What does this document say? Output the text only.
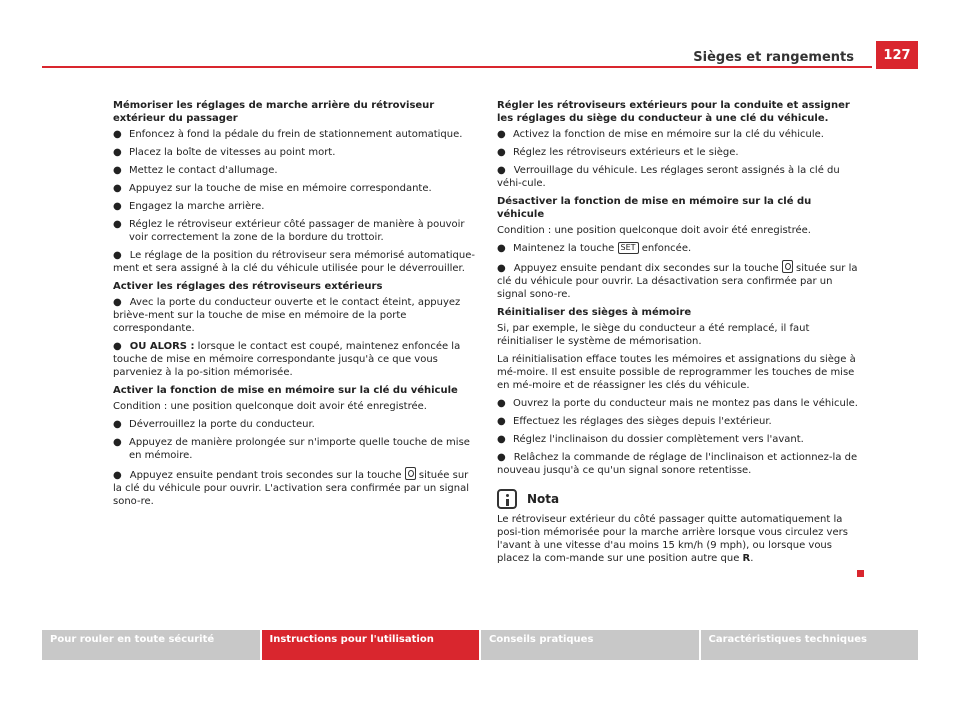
Sièges et rangements	127

Mémoriser les réglages de marche arrière du rétroviseur extérieur du passager

● Enfoncez à fond la pédale du frein de stationnement automatique.
● Placez la boîte de vitesses au point mort.
● Mettez le contact d'allumage.
● Appuyez sur la touche de mise en mémoire correspondante.
● Engagez la marche arrière.
● Réglez le rétroviseur extérieur côté passager de manière à pouvoir voir correctement la zone de la bordure du trottoir.
● Le réglage de la position du rétroviseur sera mémorisé automatique-ment et sera assigné à la clé du véhicule utilisée pour le déverrouiller.

Activer les réglages des rétroviseurs extérieurs

● Avec la porte du conducteur ouverte et le contact éteint, appuyez briève-ment sur la touche de mise en mémoire de la porte correspondante.
● OU ALORS : lorsque le contact est coupé, maintenez enfoncée la touche de mise en mémoire correspondante jusqu'à ce que vous parveniez à la po-sition mémorisée.

Activer la fonction de mise en mémoire sur la clé du véhicule

Condition : une position quelconque doit avoir été enregistrée.

● Déverrouillez la porte du conducteur.
● Appuyez de manière prolongée sur n'importe quelle touche de mise en mémoire.
● Appuyez ensuite pendant trois secondes sur la touche  située sur la clé du véhicule pour ouvrir. L'activation sera confirmée par un signal sono-re.

Régler les rétroviseurs extérieurs pour la conduite et assigner les réglages du siège du conducteur à une clé du véhicule.

● Activez la fonction de mise en mémoire sur la clé du véhicule.
● Réglez les rétroviseurs extérieurs et le siège.
● Verrouillage du véhicule. Les réglages seront assignés à la clé du véhi-cule.

Désactiver la fonction de mise en mémoire sur la clé du véhicule

Condition : une position quelconque doit avoir été enregistrée.

● Maintenez la touche SET enfoncée.
● Appuyez ensuite pendant dix secondes sur la touche  située sur la clé du véhicule pour ouvrir. La désactivation sera confirmée par un signal sono-re.

Réinitialiser des sièges à mémoire

Si, par exemple, le siège du conducteur a été remplacé, il faut réinitialiser le système de mémorisation.

La réinitialisation efface toutes les mémoires et assignations du siège à mé-moire. Il est ensuite possible de reprogrammer les touches de mise en mé-moire et de réassigner les clés du véhicule.

● Ouvrez la porte du conducteur mais ne montez pas dans le véhicule.
● Effectuez les réglages des sièges depuis l'extérieur.
● Réglez l'inclinaison du dossier complètement vers l'avant.
● Relâchez la commande de réglage de l'inclinaison et actionnez-la de nouveau jusqu'à ce qu'un signal sonore retentisse.
Nota

Le rétroviseur extérieur du côté passager quitte automatiquement la posi-tion mémorisée pour la marche arrière lorsque vous circulez vers l'avant à une vitesse d'au moins 15 km/h (9 mph), ou lorsque vous placez la com-mande sur une position autre que R.

Pour rouler en toute sécurité	Instructions pour l'utilisation	Conseils pratiques	Caractéristiques techniques
